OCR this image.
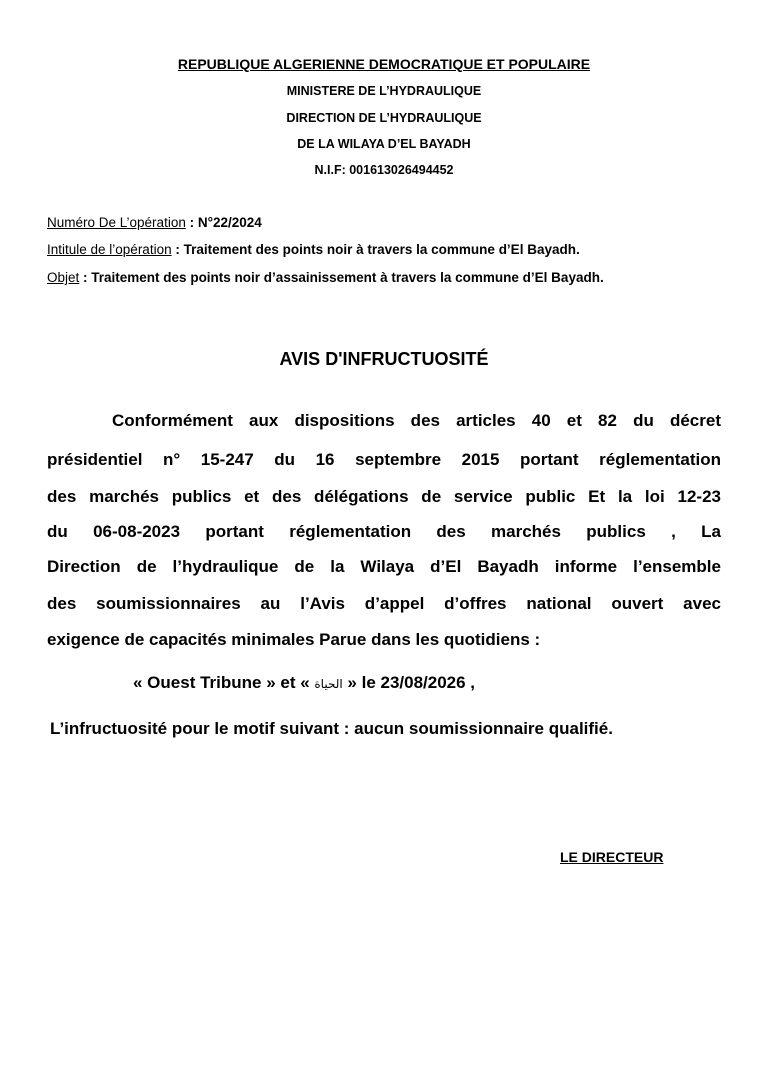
REPUBLIQUE ALGERIENNE DEMOCRATIQUE ET POPULAIRE
MINISTERE DE L’HYDRAULIQUE
DIRECTION DE L’HYDRAULIQUE
DE LA WILAYA D’EL BAYADH
N.I.F: 001613026494452
Numéro De L’opération : N°22/2024
Intitule de l’opération : Traitement des points noir à travers la commune d’El Bayadh.
Objet : Traitement des points noir d’assainissement à travers la commune d’El Bayadh.
AVIS D'INFRUCTUOSITÉ
Conformément aux dispositions des articles 40 et 82 du décret
présidentiel n° 15-247 du 16 septembre 2015 portant réglementation
des marchés publics et des délégations de service public Et la loi 12-23
du 06-08-2023 portant réglementation des marchés publics , La
Direction de l’hydraulique de la Wilaya d’El Bayadh informe l’ensemble
des soumissionnaires au l’Avis d’appel d’offres national ouvert avec
exigence de capacités minimales Parue dans les quotidiens :
« Ouest Tribune » et « الحياة » le 23/08/2026 ,
L’infructuosité pour le motif suivant : aucun soumissionnaire qualifié.
LE DIRECTEUR
